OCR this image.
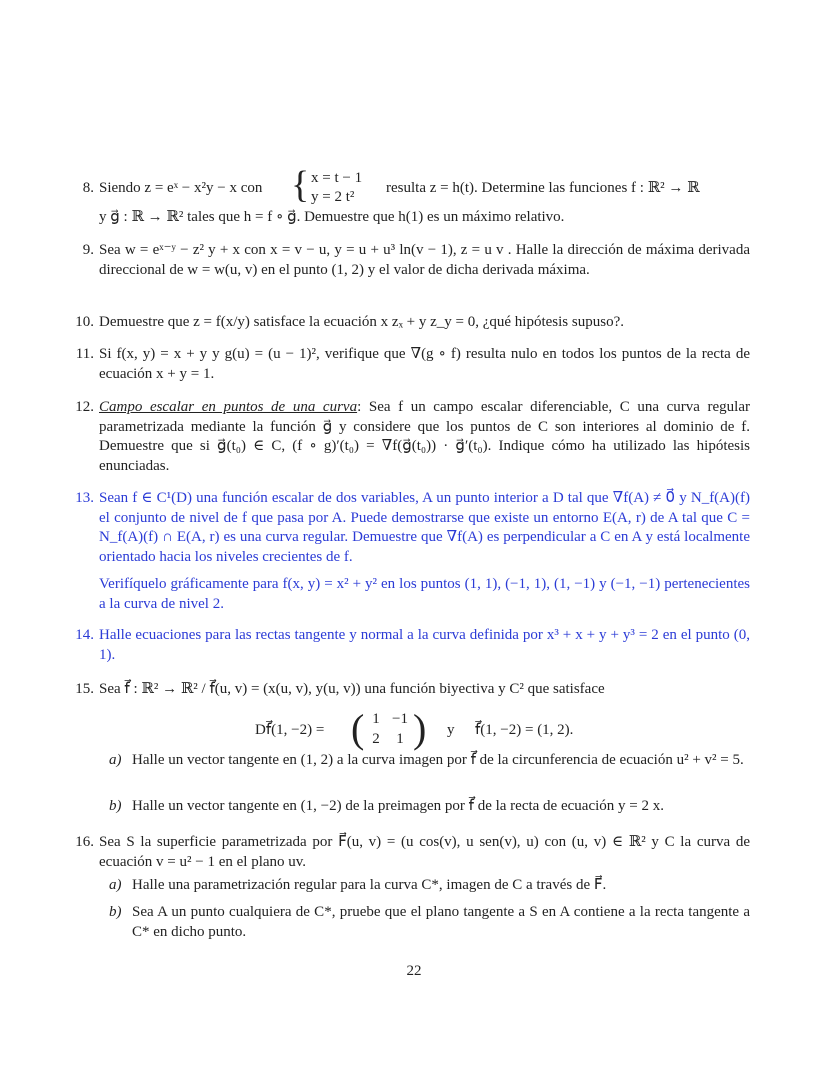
8. Siendo z = eˣ − x²y − x con { x = t − 1
y = 2 t²
resulta z = h(t). Determine las funciones f : ℝ² → ℝ
y g⃗ : ℝ → ℝ² tales que h = f ∘ g⃗. Demuestre que h(1) es un máximo relativo.
9. Sea w = eˣ⁻ʸ − z² y + x con x = v − u, y = u + u³ ln(v − 1), z = u v . Halle la dirección de máxima derivada direccional de w = w(u, v) en el punto (1, 2) y el valor de dicha derivada máxima.
10. Demuestre que z = f(x/y) satisface la ecuación x zₓ + y z_y = 0, ¿qué hipótesis supuso?.
11. Si f(x, y) = x + y y g(u) = (u − 1)², verifique que ∇(g ∘ f) resulta nulo en todos los puntos de la recta de ecuación x + y = 1.
12. Campo escalar en puntos de una curva: Sea f un campo escalar diferenciable, C una curva regular parametrizada mediante la función g⃗ y considere que los puntos de C son interiores al dominio de f. Demuestre que si g⃗(t₀) ∈ C, (f ∘ g)′(t₀) = ∇f(g⃗(t₀)) · g⃗′(t₀). Indique cómo ha utilizado las hipótesis enunciadas.
13. Sean f ∈ C¹(D) una función escalar de dos variables, A un punto interior a D tal que ∇f(A) ≠ 0⃗ y N_f(A)(f) el conjunto de nivel de f que pasa por A. Puede demostrarse que existe un entorno E(A, r) de A tal que C = N_f(A)(f) ∩ E(A, r) es una curva regular. Demuestre que ∇f(A) es perpendicular a C en A y está localmente orientado hacia los niveles crecientes de f.
Verifíquelo gráficamente para f(x, y) = x² + y² en los puntos (1, 1), (−1, 1), (1, −1) y (−1, −1) pertenecientes a la curva de nivel 2.
14. Halle ecuaciones para las rectas tangente y normal a la curva definida por x³ + x + y + y³ = 2 en el punto (0, 1).
15. Sea f⃗ : ℝ² → ℝ² / f⃗(u, v) = (x(u, v), y(u, v)) una función biyectiva y C² que satisface
Df⃗(1, −2) = ( 1 −1
2	1 ) y f⃗(1, −2) = (1, 2).
a) Halle un vector tangente en (1, 2) a la curva imagen por f⃗ de la circunferencia de ecuación u² + v² = 5.
b) Halle un vector tangente en (1, −2) de la preimagen por f⃗ de la recta de ecuación y = 2 x.
16. Sea S la superficie parametrizada por F⃗(u, v) = (u cos(v), u sen(v), u) con (u, v) ∈ ℝ² y C la curva de ecuación v = u² − 1 en el plano uv.
a) Halle una parametrización regular para la curva C*, imagen de C a través de F⃗.
b) Sea A un punto cualquiera de C*, pruebe que el plano tangente a S en A contiene a la recta tangente a C* en dicho punto.
22
